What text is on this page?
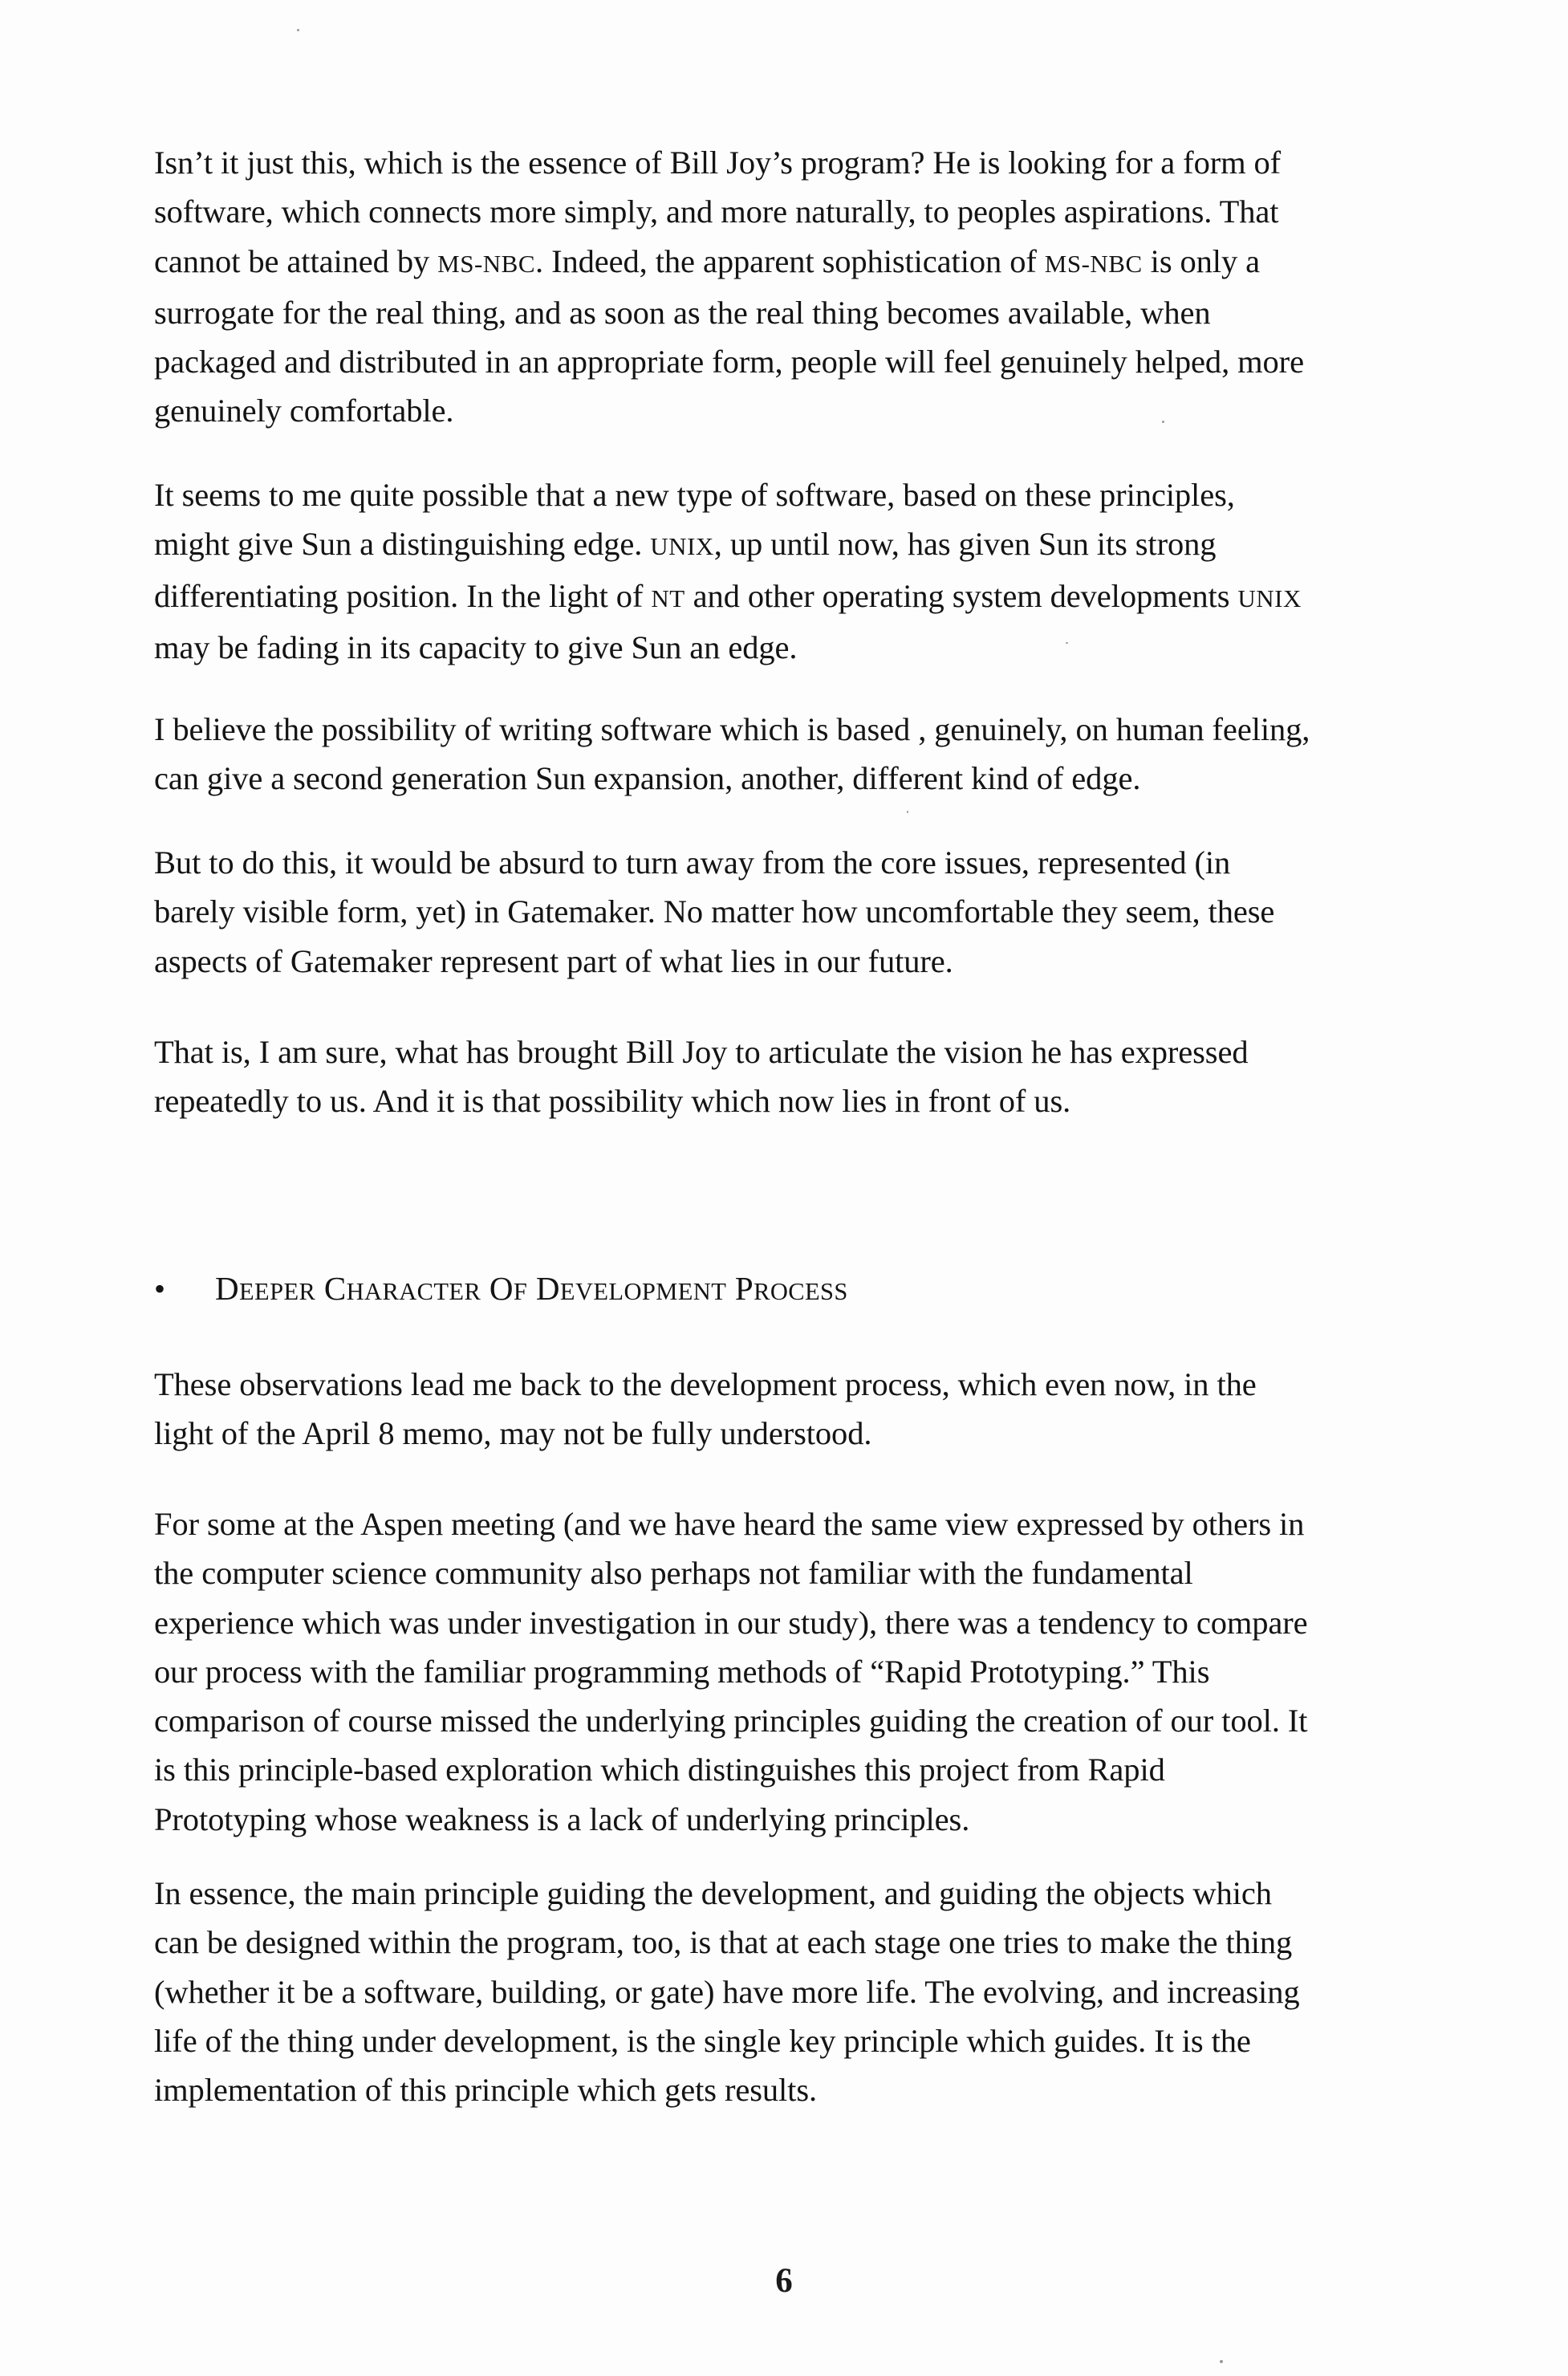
Isn’t it just this, which is the essence of Bill Joy’s program? He is looking for a form of
software, which connects more simply, and more naturally, to peoples aspirations. That
cannot be attained by MS-NBC. Indeed, the apparent sophistication of MS-NBC is only a
surrogate for the real thing, and as soon as the real thing becomes available, when
packaged and distributed in an appropriate form, people will feel genuinely helped, more
genuinely comfortable.
It seems to me quite possible that a new type of software, based on these principles,
might give Sun a distinguishing edge. UNIX, up until now, has given Sun its strong
differentiating position. In the light of NT and other operating system developments UNIX
may be fading in its capacity to give Sun an edge.
I believe the possibility of writing software which is based , genuinely, on human feeling,
can give a second generation Sun expansion, another, different kind of edge.
But to do this, it would be absurd to turn away from the core issues, represented (in
barely visible form, yet) in Gatemaker. No matter how uncomfortable they seem, these
aspects of Gatemaker represent part of what lies in our future.
That is, I am sure, what has brought Bill Joy to articulate the vision he has expressed
repeatedly to us. And it is that possibility which now lies in front of us.
• DEEPER CHARACTER OF DEVELOPMENT PROCESS
These observations lead me back to the development process, which even now, in the
light of the April 8 memo, may not be fully understood.
For some at the Aspen meeting (and we have heard the same view expressed by others in
the computer science community also perhaps not familiar with the fundamental
experience which was under investigation in our study), there was a tendency to compare
our process with the familiar programming methods of “Rapid Prototyping.” This
comparison of course missed the underlying principles guiding the creation of our tool. It
is this principle-based exploration which distinguishes this project from Rapid
Prototyping whose weakness is a lack of underlying principles.
In essence, the main principle guiding the development, and guiding the objects which
can be designed within the program, too, is that at each stage one tries to make the thing
(whether it be a software, building, or gate) have more life. The evolving, and increasing
life of the thing under development, is the single key principle which guides. It is the
implementation of this principle which gets results.
6
